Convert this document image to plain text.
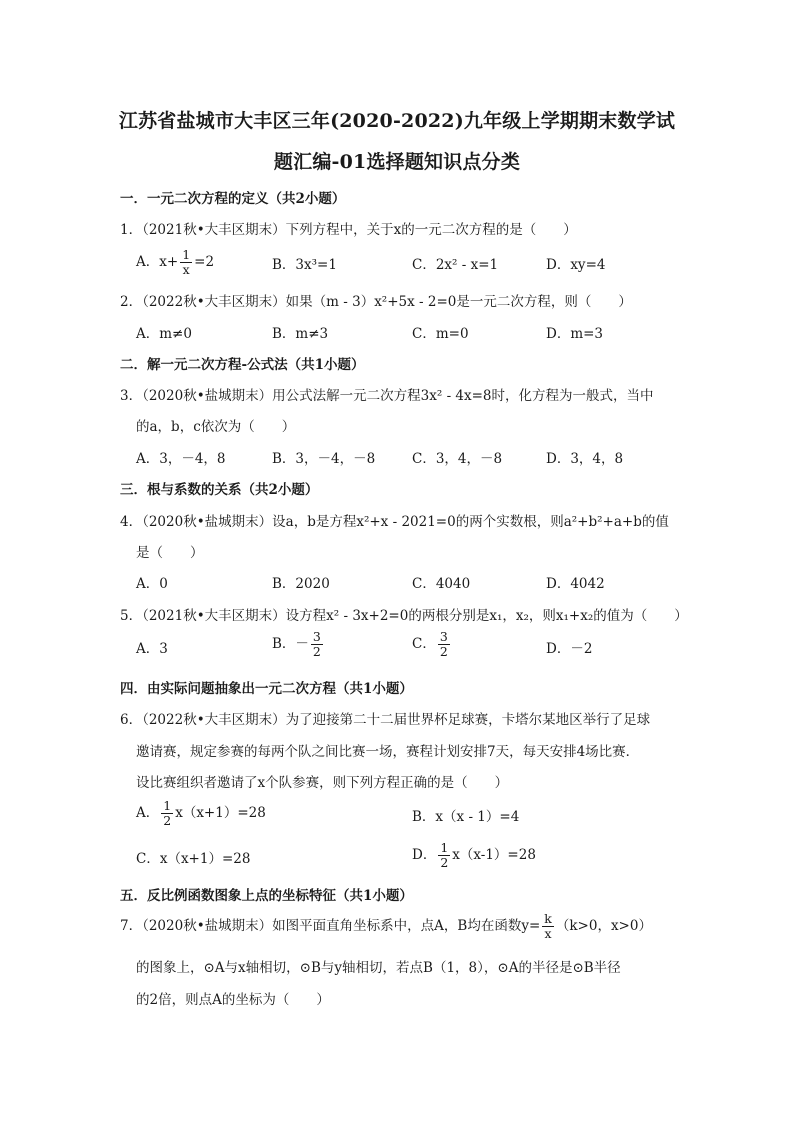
江苏省盐城市大丰区三年(2020-2022)九年级上学期期末数学试
题汇编-01选择题知识点分类
一．一元二次方程的定义（共2小题）
1．（2021秋•大丰区期末）下列方程中，关于x的一元二次方程的是（　　）
A．$x+ \frac{1}{x} =2$	B．3x³=1	C．2x² - x=1	D．xy=4
2．（2022秋•大丰区期末）如果（m - 3）x²+5x - 2=0是一元二次方程，则（　　）
A．m≠0	B．m≠3	C．m=0	D．m=3
二．解一元二次方程-公式法（共1小题）
3．（2020秋•盐城期末）用公式法解一元二次方程3x² - 4x=8时，化方程为一般式，当中
的a，b，c依次为（　　）
A．3，－4，8	B．3，－4，－8	C．3，4，－8	D．3，4，8
三．根与系数的关系（共2小题）
4．（2020秋•盐城期末）设a，b是方程x²+x - 2021=0的两个实数根，则a²+b²+a+b的值
是（　　）
A．0	B．2020	C．4040	D．4042
5．（2021秋•大丰区期末）设方程x² - 3x+2=0的两根分别是x₁，x₂，则x₁+x₂的值为（　　）
A．3	B．－ $\frac{3}{2}$	C． $\frac{3}{2}$	D．－2
四．由实际问题抽象出一元二次方程（共1小题）
6．（2022秋•大丰区期末）为了迎接第二十二届世界杯足球赛，卡塔尔某地区举行了足球
邀请赛，规定参赛的每两个队之间比赛一场，赛程计划安排7天，每天安排4场比赛．
设比赛组织者邀请了x个队参赛，则下列方程正确的是（　　）
A． $\frac{1}{2} x(x+1)=28$	B．x（x - 1）=4
C．x（x+1）=28	D． $\frac{1}{2} x(x-1)=28$
五．反比例函数图象上点的坐标特征（共1小题）
7．（2020秋•盐城期末）如图平面直角坐标系中，点A，B均在函数$y= \frac{k}{x} (k>0$，x>0）
的图象上，⊙A与x轴相切，⊙B与y轴相切，若点B（1，8），⊙A的半径是⊙B半径
的2倍，则点A的坐标为（　　）
